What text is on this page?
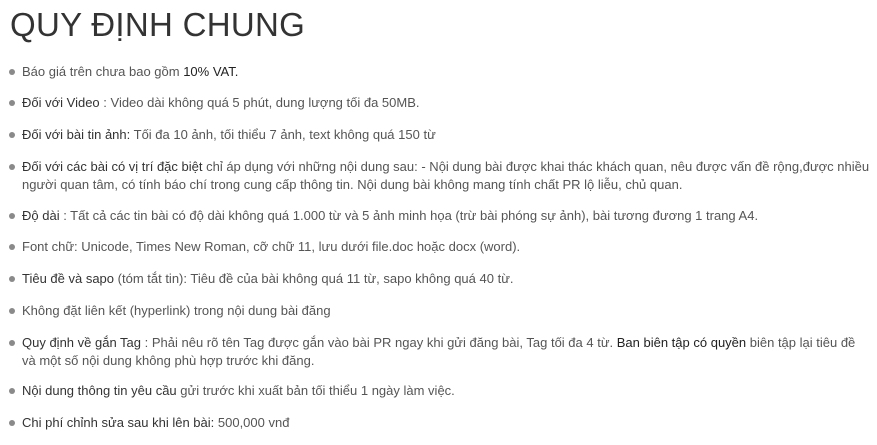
QUY ĐỊNH CHUNG
Báo giá trên chưa bao gồm 10% VAT.
Đối với Video : Video dài không quá 5 phút, dung lượng tối đa 50MB.
Đối với bài tin ảnh: Tối đa 10 ảnh, tối thiểu 7 ảnh, text không quá 150 từ
Đối với các bài có vị trí đặc biệt chỉ áp dụng với những nội dung sau: - Nội dung bài được khai thác khách quan, nêu được vấn đề rộng,được nhiều người quan tâm, có tính báo chí trong cung cấp thông tin. Nội dung bài không mang tính chất PR lộ liễu, chủ quan.
Độ dài : Tất cả các tin bài có độ dài không quá 1.000 từ và 5 ảnh minh họa (trừ bài phóng sự ảnh), bài tương đương 1 trang A4.
Font chữ: Unicode, Times New Roman, cỡ chữ 11, lưu dưới file.doc hoặc docx (word).
Tiêu đề và sapo (tóm tắt tin): Tiêu đề của bài không quá 11 từ, sapo không quá 40 từ.
Không đặt liên kết (hyperlink) trong nội dung bài đăng
Quy định về gắn Tag : Phải nêu rõ tên Tag được gắn vào bài PR ngay khi gửi đăng bài, Tag tối đa 4 từ. Ban biên tập có quyền biên tập lại tiêu đề và một số nội dung không phù hợp trước khi đăng.
Nội dung thông tin yêu cầu gửi trước khi xuất bản tối thiểu 1 ngày làm việc.
Chi phí chỉnh sửa sau khi lên bài: 500,000 vnđ
